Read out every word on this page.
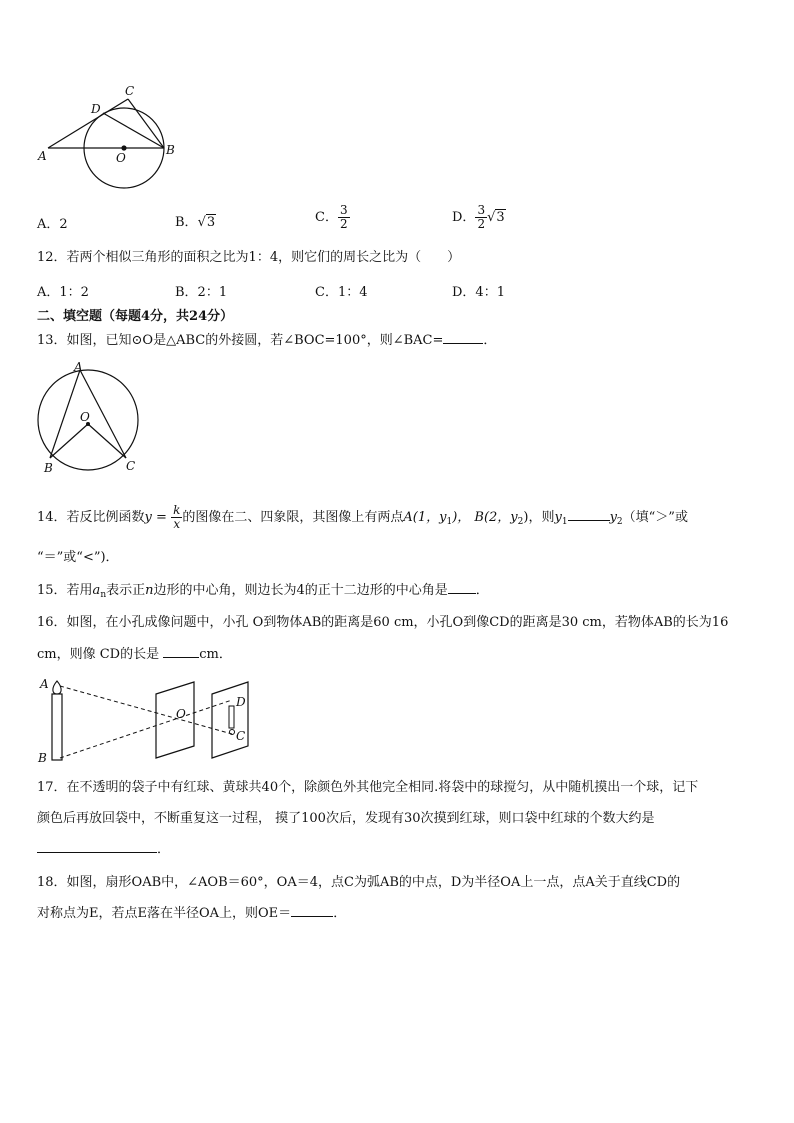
A	B
C
D
O
A．2	B．√3	C． $\frac{3}{2}$	D． $\frac{3}{2} √3$
12．若两个相似三角形的面积之比为1：4，则它们的周长之比为（　　）
A．1：2	B．2：1	C．1：4	D．4：1
二、填空题（每题4分，共24分）
13．如图，已知⊙O是△ABC的外接圆，若∠BOC=100°，则∠BAC=	．
A
O
B	C
14．若反比例函数$y = \frac{k}{x}$ 的图像在二、四象限，其图像上有两点A(1，$y_1$)， B(2，$y_2$)，则$y_1$	$y_2$（填“＞”或
“＝”或“<”)．
15．若用$a_n$表示正n边形的中心角，则边长为4的正十二边形的中心角是 ．
16．如图，在小孔成像问题中，小孔 O到物体AB的距离是60 cm，小孔O到像CD的距离是30 cm，若物体AB的长为16
cm，则像 CD的长是	cm．
A
B
O
D
C
17．在不透明的袋子中有红球、黄球共40个，除颜色外其他完全相同.将袋中的球搅匀，从中随机摸出一个球，记下
颜色后再放回袋中，不断重复这一过程， 摸了100次后，发现有30次摸到红球，则口袋中红球的个数大约是
．
18．如图，扇形OAB中，∠AOB＝60°，OA＝4，点C为弧AB的中点，D为半径OA上一点，点A关于直线CD的
对称点为E，若点E落在半径OA上，则OE＝	．
